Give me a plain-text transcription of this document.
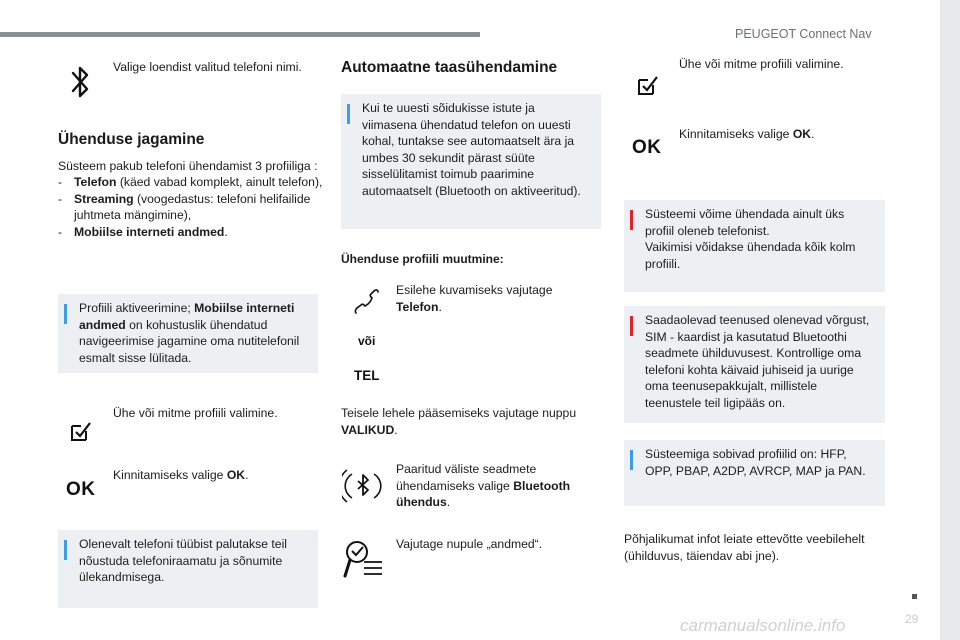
PEUGEOT Connect Nav
29
carmanualsonline.info
Valige loendist valitud telefoni nimi.
Ühenduse jagamine
Süsteem pakub telefoni ühendamist 3 profiiliga :
- Telefon (käed vabad komplekt, ainult telefon),
- Streaming (voogedastus: telefoni helifailide juhtmeta mängimine),
- Mobiilse interneti andmed.

Profiili aktiveerimine; Mobiilse interneti andmed on kohustuslik ühendatud navigeerimise jagamine oma nutitelefonil esmalt sisse lülitada.

Ühe või mitme profiili valimine.
OK
Kinnitamiseks valige OK.

Olenevalt telefoni tüübist palutakse teil nõustuda telefoniraamatu ja sõnumite ülekandmisega.

Automaatne taasühendamine

Kui te uuesti sõidukisse istute ja viimasena ühendatud telefon on uuesti kohal, tuntakse see automaatselt ära ja umbes 30 sekundit pärast süüte sisselülitamist toimub paarimine automaatselt (Bluetooth on aktiveeritud).

Ühenduse profiili muutmine:
Esilehe kuvamiseks vajutage Telefon.
või
TEL
Teisele lehele pääsemiseks vajutage nuppu VALIKUD.
Paaritud väliste seadmete ühendamiseks valige Bluetooth ühendus.
Vajutage nupule „andmed“.
Ühe või mitme profiili valimine.
OK
Kinnitamiseks valige OK.

Süsteemi võime ühendada ainult üks profiil oleneb telefonist.
Vaikimisi võidakse ühendada kõik kolm profiili.

Saadaolevad teenused olenevad võrgust, SIM - kaardist ja kasutatud Bluetoothi seadmete ühilduvusest. Kontrollige oma telefoni kohta käivaid juhiseid ja uurige oma teenusepakkujalt, millistele teenustele teil ligipääs on.

Süsteemiga sobivad profiilid on: HFP, OPP, PBAP, A2DP, AVRCP, MAP ja PAN.

Põhjalikumat infot leiate ettevõtte veebilehelt (ühilduvus, täiendav abi jne).
